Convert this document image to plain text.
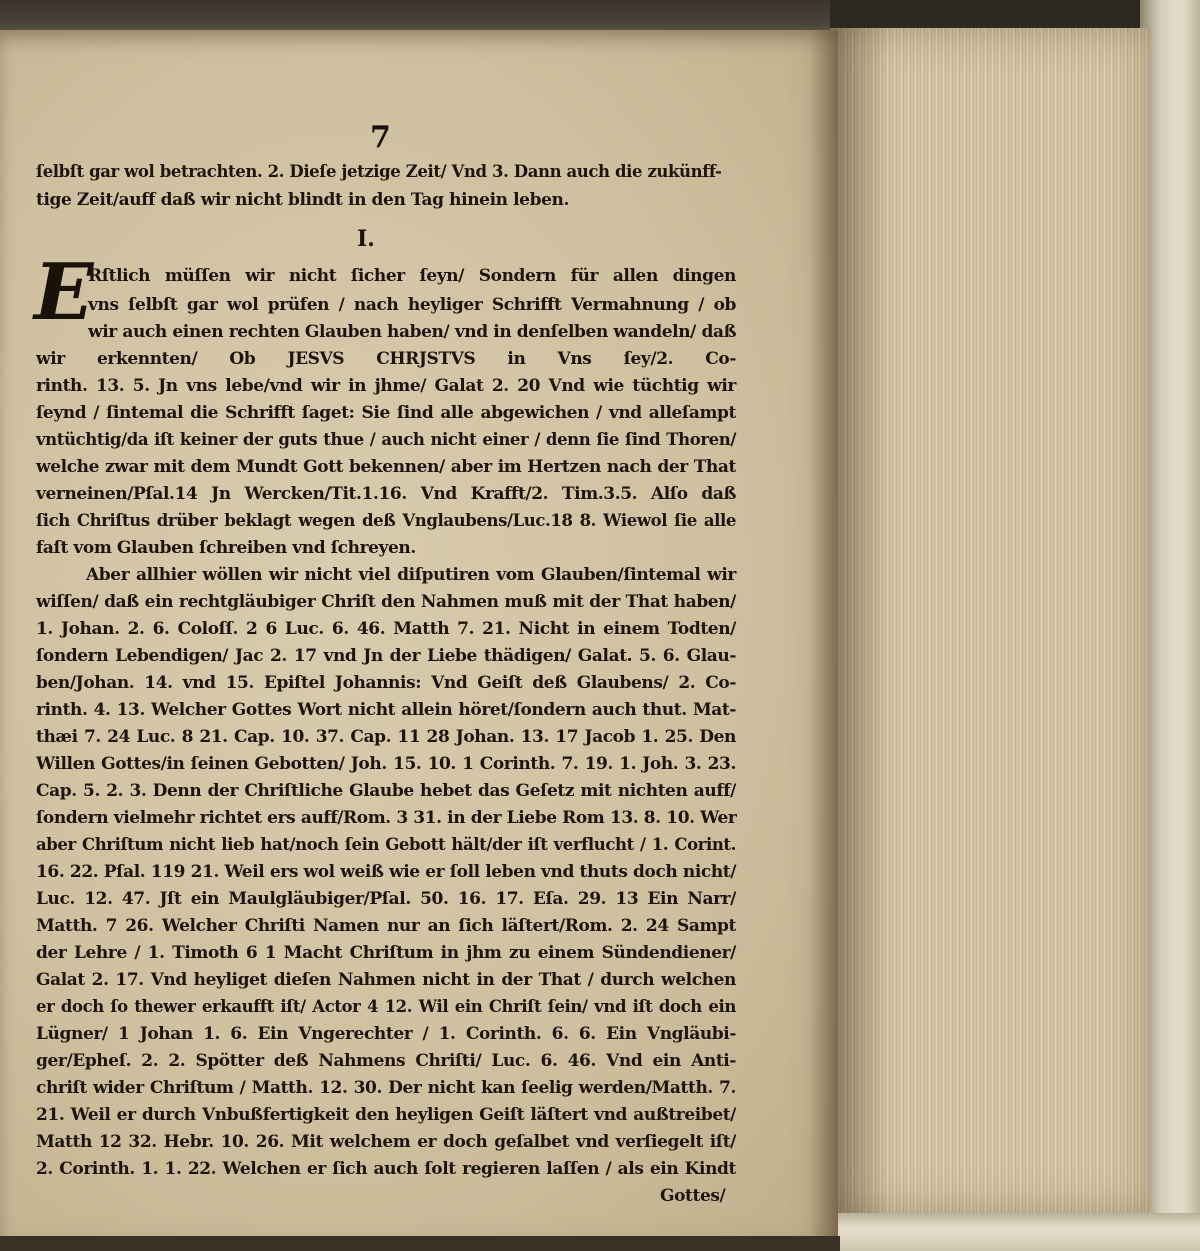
7
ſelbſt gar wol betrachten. 2. Dieſe jetzige Zeit/ Vnd 3. Dann auch die zukünff-
tige Zeit/auff daß wir nicht blindt in den Tag hinein leben.
I.
E
Rſtlich müſſen wir nicht ſicher ſeyn/ Sondern für allen dingen
vns ſelbſt gar wol prüfen / nach heyliger Schrifft Vermahnung / ob
wir auch einen rechten Glauben haben/ vnd in denſelben wandeln/ daß
wir erkennten/ Ob JESVS CHRJSTVS in Vns ſey/2. Co-
rinth. 13. 5. Jn vns lebe/vnd wir in jhme/ Galat 2. 20 Vnd wie tüchtig wir
ſeynd / ſintemal die Schrifft ſaget: Sie ſind alle abgewichen / vnd alleſampt
vntüchtig/da iſt keiner der guts thue / auch nicht einer / denn ſie ſind Thoren/
welche zwar mit dem Mundt Gott bekennen/ aber im Hertzen nach der That
verneinen/Pſal.14 Jn Wercken/Tit.1.16. Vnd Krafft/2. Tim.3.5. Alſo daß
ſich Chriſtus drüber beklagt wegen deß Vnglaubens/Luc.18 8. Wiewol ſie alle
faſt vom Glauben ſchreiben vnd ſchreyen.
Aber allhier wöllen wir nicht viel diſputiren vom Glauben/ſintemal wir
wiſſen/ daß ein rechtgläubiger Chriſt den Nahmen muß mit der That haben/
1. Johan. 2. 6. Coloſſ. 2 6 Luc. 6. 46. Matth 7. 21. Nicht in einem Todten/
ſondern Lebendigen/ Jac 2. 17 vnd Jn der Liebe thädigen/ Galat. 5. 6. Glau-
ben/Johan. 14. vnd 15. Epiſtel Johannis: Vnd Geiſt deß Glaubens/ 2. Co-
rinth. 4. 13. Welcher Gottes Wort nicht allein höret/ſondern auch thut. Mat-
thæi 7. 24 Luc. 8 21. Cap. 10. 37. Cap. 11 28 Johan. 13. 17 Jacob 1. 25. Den
Willen Gottes/in ſeinen Gebotten/ Joh. 15. 10. 1 Corinth. 7. 19. 1. Joh. 3. 23.
Cap. 5. 2. 3. Denn der Chriſtliche Glaube hebet das Geſetz mit nichten auff/
ſondern vielmehr richtet ers auff/Rom. 3 31. in der Liebe Rom 13. 8. 10. Wer
aber Chriſtum nicht lieb hat/noch ſein Gebott hält/der iſt verflucht / 1. Corint.
16. 22. Pſal. 119 21. Weil ers wol weiß wie er ſoll leben vnd thuts doch nicht/
Luc. 12. 47. Jſt ein Maulgläubiger/Pſal. 50. 16. 17. Eſa. 29. 13 Ein Narr/
Matth. 7 26. Welcher Chriſti Namen nur an ſich läſtert/Rom. 2. 24 Sampt
der Lehre / 1. Timoth 6 1 Macht Chriſtum in jhm zu einem Sündendiener/
Galat 2. 17. Vnd heyliget dieſen Nahmen nicht in der That / durch welchen
er doch ſo thewer erkaufft iſt/ Actor 4 12. Wil ein Chriſt ſein/ vnd iſt doch ein
Lügner/ 1 Johan 1. 6. Ein Vngerechter / 1. Corinth. 6. 6. Ein Vngläubi-
ger/Epheſ. 2. 2. Spötter deß Nahmens Chriſti/ Luc. 6. 46. Vnd ein Anti-
chriſt wider Chriſtum / Matth. 12. 30. Der nicht kan ſeelig werden/Matth. 7.
21. Weil er durch Vnbußfertigkeit den heyligen Geiſt läſtert vnd außtreibet/
Matth 12 32. Hebr. 10. 26. Mit welchem er doch geſalbet vnd verſiegelt iſt/
2. Corinth. 1. 1. 22. Welchen er ſich auch ſolt regieren laſſen / als ein Kindt
Gottes/
